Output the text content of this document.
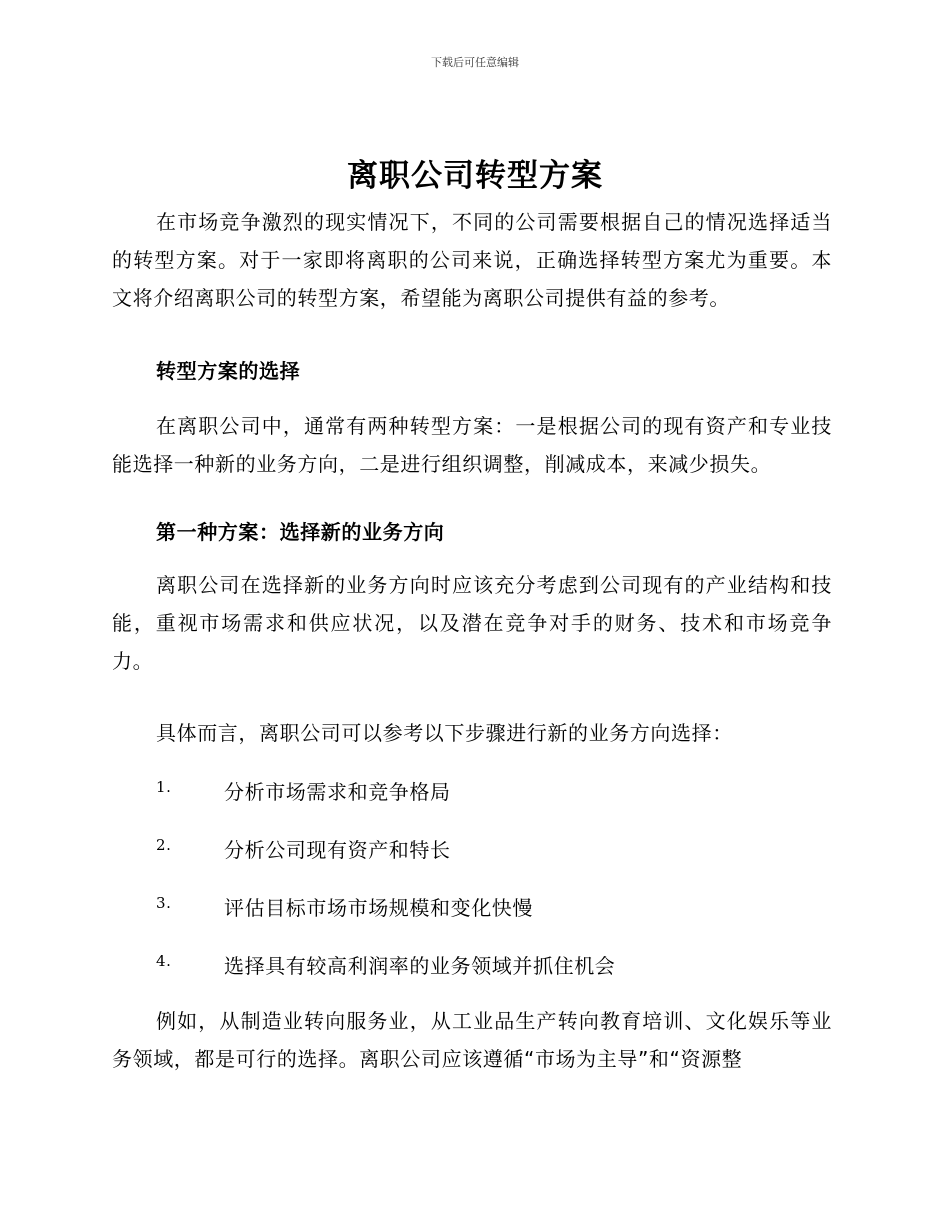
下载后可任意编辑
离职公司转型方案

在市场竞争激烈的现实情况下，不同的公司需要根据自己的情况选择适当的转型方案。对于一家即将离职的公司来说，正确选择转型方案尤为重要。本文将介绍离职公司的转型方案，希望能为离职公司提供有益的参考。

转型方案的选择

在离职公司中，通常有两种转型方案：一是根据公司的现有资产和专业技能选择一种新的业务方向，二是进行组织调整，削减成本，来减少损失。

第一种方案：选择新的业务方向

离职公司在选择新的业务方向时应该充分考虑到公司现有的产业结构和技能，重视市场需求和供应状况，以及潜在竞争对手的财务、技术和市场竞争力。

具体而言，离职公司可以参考以下步骤进行新的业务方向选择：

1.	分析市场需求和竞争格局
2.	分析公司现有资产和特长
3.	评估目标市场市场规模和变化快慢
4.	选择具有较高利润率的业务领域并抓住机会

例如，从制造业转向服务业，从工业品生产转向教育培训、文化娱乐等业务领域，都是可行的选择。离职公司应该遵循“市场为主导”和“资源整
